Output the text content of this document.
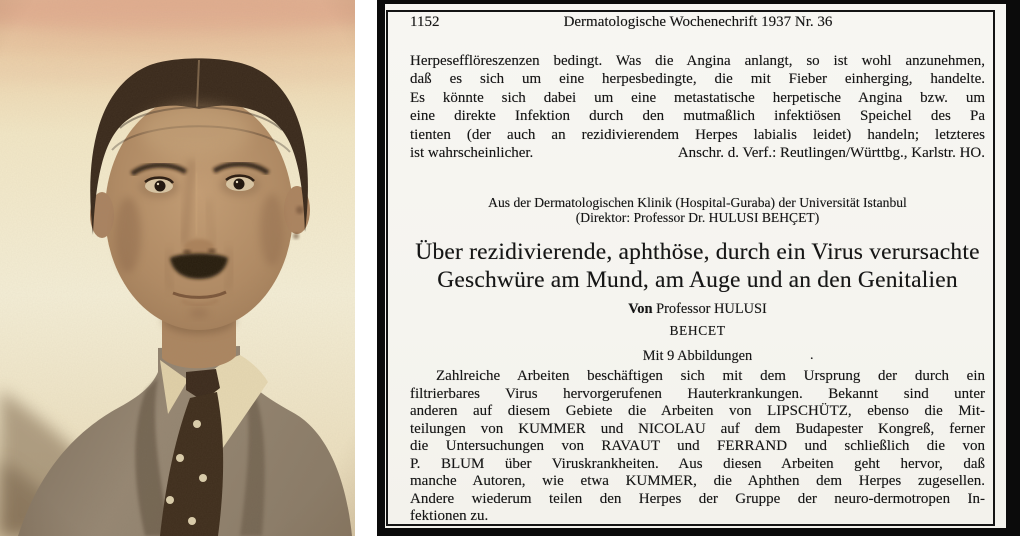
1152	Dermatologische Wochenechrift 1937 Nr. 36
Herpesefflöreszenzen bedingt. Was die Angina anlangt, so ist wohl anzunehmen,
daß es sich um eine herpesbedingte, die mit Fieber einherging, handelte.
Es könnte sich dabei um eine metastatische herpetische Angina bzw. um
eine direkte Infektion durch den mutmaßlich infektiösen Speichel des Pa
tienten (der auch an rezidivierendem Herpes labialis leidet) handeln; letzteres
ist wahrscheinlicher.	Anschr. d. Verf.: Reutlingen/Württbg., Karlstr. HO.
Aus der Dermatologischen Klinik (Hospital-Guraba) der Universität Istanbul
(Direktor: Professor Dr. HULUSI BEHÇET)
Über rezidivierende, aphthöse, durch ein Virus verursachte
Geschwüre am Mund, am Auge und an den Genitalien
Von Professor HULUSI
BEHCET
Mit 9 Abbildungen	.
Zahlreiche Arbeiten beschäftigen sich mit dem Ursprung der durch ein
filtrierbares Virus hervorgerufenen Hauterkrankungen. Bekannt sind unter
anderen auf diesem Gebiete die Arbeiten von LIPSCHÜTZ, ebenso die Mit-
teilungen von KUMMER und NICOLAU auf dem Budapester Kongreß, ferner
die Untersuchungen von RAVAUT und FERRAND und schließlich die von
P. BLUM über Viruskrankheiten. Aus diesen Arbeiten geht hervor, daß
manche Autoren, wie etwa KUMMER, die Aphthen dem Herpes zugesellen.
Andere wiederum teilen den Herpes der Gruppe der neuro-dermotropen In-
fektionen zu.
